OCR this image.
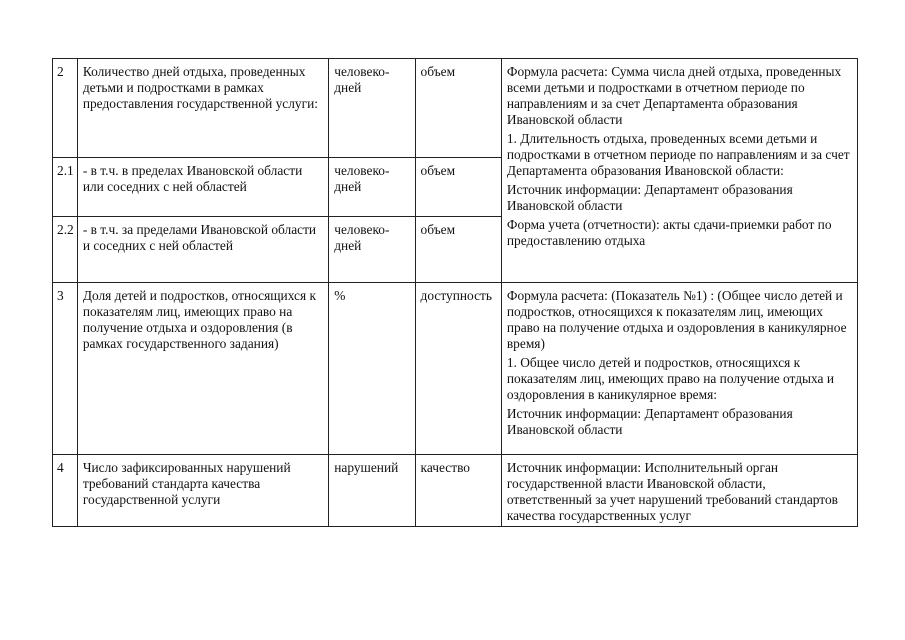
2	Количество дней отдыха, проведенных детьми и подростками в рамках предоставления государственной услуги:	человеко-дней	объем	Формула расчета: Сумма числа дней отдыха, проведенных всеми детьми и подростками в отчетном периоде по направлениям и за счет Департамента образования Ивановской области

1. Длительность отдыха, проведенных всеми детьми и подростками в отчетном периоде по направлениям и за счет Департамента образования Ивановской области:

Источник информации: Департамент образования Ивановской области

Форма учета (отчетности): акты сдачи-приемки работ по предоставлению отдыха

2.1	- в т.ч. в пределах Ивановской области или соседних с ней областей	человеко-дней	объем	
2.2	- в т.ч. за пределами Ивановской области и соседних с ней областей	человеко-дней	объем	
3	Доля детей и подростков, относящихся к показателям лиц, имеющих право на получение отдыха и оздоровления (в рамках государственного задания)	%	доступность	Формула расчета: (Показатель №1) : (Общее число детей и подростков, относящихся к показателям лиц, имеющих право на получение отдыха и оздоровления в каникулярное время)

1. Общее число детей и подростков, относящихся к показателям лиц, имеющих право на получение отдыха и оздоровления в каникулярное время:

Источник информации: Департамент образования Ивановской области

4	Число зафиксированных нарушений требований стандарта качества государственной услуги	нарушений	качество	Источник информации: Исполнительный орган государственной власти Ивановской области, ответственный за учет нарушений требований стандартов качества государственных услуг
